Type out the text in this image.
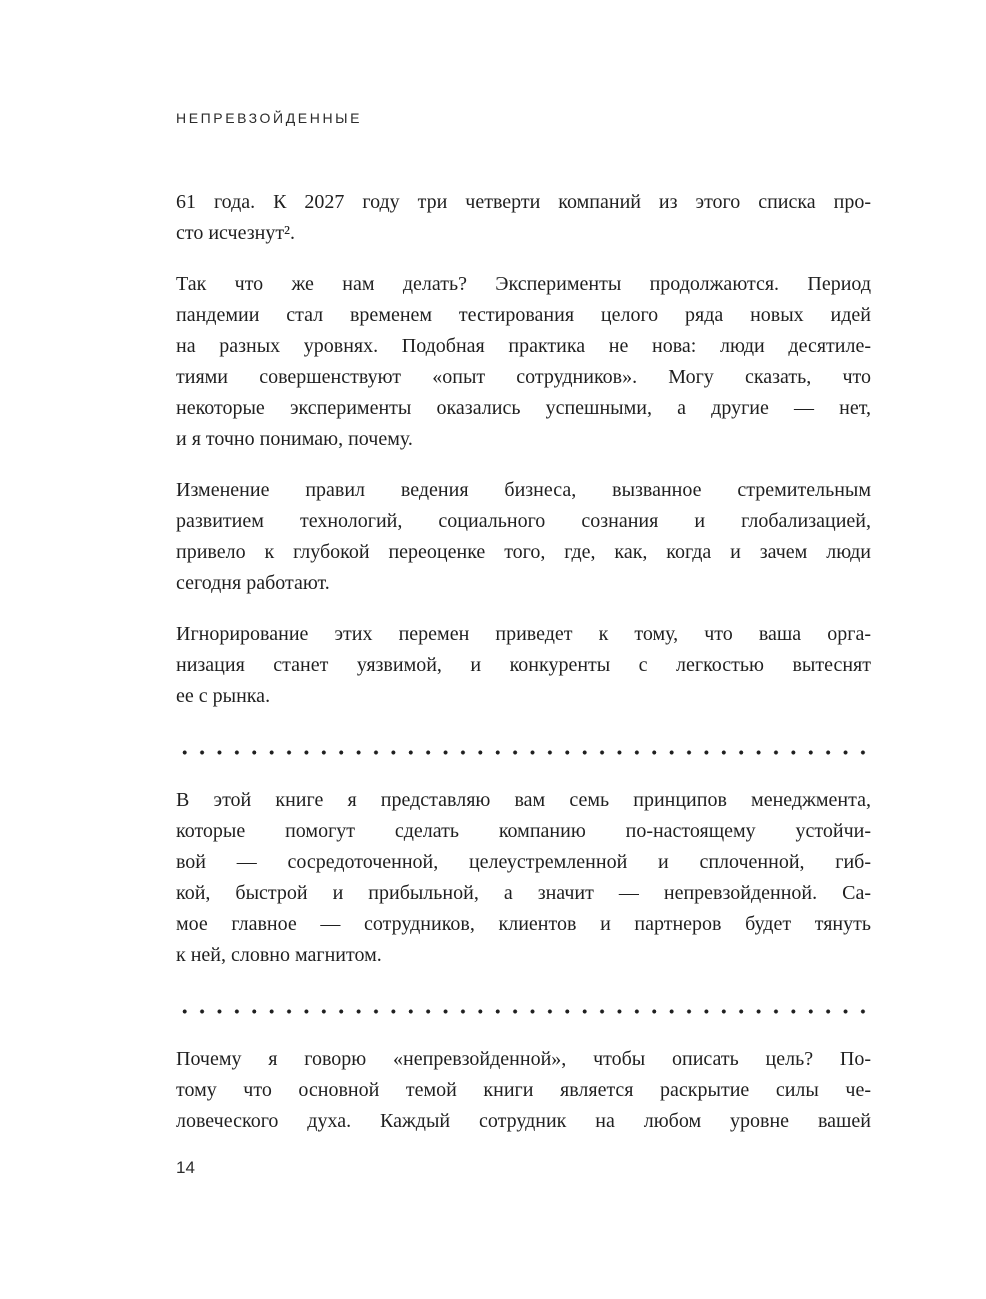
НЕПРЕВЗОЙДЕННЫЕ
61 года. К 2027 году три четверти компаний из этого списка про-
сто исчезнут².
Так что же нам делать? Эксперименты продолжаются. Период
пандемии стал временем тестирования целого ряда новых идей
на разных уровнях. Подобная практика не нова: люди десятиле-
тиями совершенствуют «опыт сотрудников». Могу сказать, что
некоторые эксперименты оказались успешными, а другие — нет,
и я точно понимаю, почему.
Изменение правил ведения бизнеса, вызванное стремительным
развитием технологий, социального сознания и глобализацией,
привело к глубокой переоценке того, где, как, когда и зачем люди
сегодня работают.
Игнорирование этих перемен приведет к тому, что ваша орга-
низация станет уязвимой, и конкуренты с легкостью вытеснят
ее с рынка.
В этой книге я представляю вам семь принципов менеджмента,
которые помогут сделать компанию по-настоящему устойчи-
вой — сосредоточенной, целеустремленной и сплоченной, гиб-
кой, быстрой и прибыльной, а значит — непревзойденной. Са-
мое главное — сотрудников, клиентов и партнеров будет тянуть
к ней, словно магнитом.
Почему я говорю «непревзойденной», чтобы описать цель? По-
тому что основной темой книги является раскрытие силы че-
ловеческого духа. Каждый сотрудник на любом уровне вашей
14
